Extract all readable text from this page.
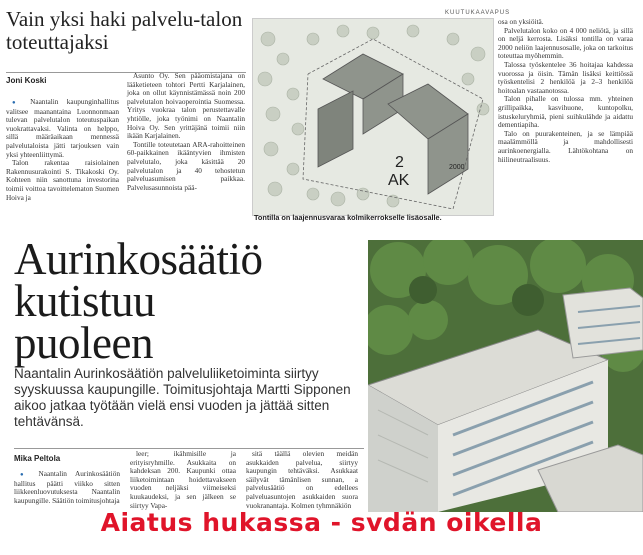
Vain yksi haki palvelu-talon toteuttajaksi
Joni Koski

● Naantalin kaupunginhallitus valitsee maanantaina Luonnonmaan tulevan palvelutalon toteutuspaikan vuokrattavaksi. Valinta on helppo, sillä määräaikaan mennessä palvelutaloista jätti tarjouksen vain yksi yhteenliittymä.

Talon rakentaa raisiolainen Rakennusurakointi S. Tikakoski Oy. Kohteen niin sanottuna investorina toimii voittoa tavoittelematon Suomen Hoiva ja

Asunto Oy. Sen pääomistajana on lääketieteen tohtori Pertti Karjalainen, joka on ollut käynnistämässä noin 200 palvelutalon hoivaoperointia Suomessa. Yritys vuokraa talon perustettavalle yhtiölle, joka työnimi on Naantalin Hoiva Oy. Sen yrittäjänä toimii niin ikään Karjalainen.

Tontille toteutetaan ARA-rahoitteinen 60-paikkainen ikääntyvien ihmisten palvelutalo, joka käsittää 20 palvelutalon ja 40 tehostetun palveluasumisen paikkaa. Palvelusasunnoista pää-

osa on yksiöitä.

Palvelutalon koko on 4 000 neliötä, ja sillä on neljä kerrosta. Lisäksi tontilla on varaa 2000 neliön laajennusosalle, joka on tarkoitus toteuttaa myöhemmin.

Talossa työskentelee 36 hoitajaa kahdessa vuorossa ja öisin. Tämän lisäksi keittiössä työskentelisi 2 henkilöä ja 2–3 henkilöä hoitoalan vastaanotossa.

Talon pihalle on tulossa mm. yhteinen grillipaikka, kasvihuone, kuntopolku, istuskeluryhmiä, pieni suihkulähde ja aidattu dementiapiha.

Talo on puurakenteinen, ja se lämpiää maalämmöllä ja mahdollisesti aurinkoenergialla. Lähtökohtana on hiilineutraalisuus.

KUUTUKAAVAPUS
2
AK
2000
Tontilla on laajennusvaraa kolmikerrokselle lisäosalle.
Aurinkosäätiö
kutistuu
puoleen
Naantalin Aurinkosäätiön palveluliiketoiminta siirtyy syyskuussa kaupungille. Toimitusjohtaja Martti Sipponen aikoo jatkaa työtään vielä ensi vuoden ja jättää sitten tehtävänsä.
Mika Peltola

● Naantalin Aurinkosäätiön hallitus päätti viikko sitten liikkeenluovutuksesta Naantalin kaupungille. Säätiön toimitusjohtaja

leer; ikähmisille ja erityisryhmille. Asukkaita on kahdeksan 200. Kaupunki ottaa liiketoimintaan hoidettavakseen vuoden neljäksi viimeiseksi kuukaudeksi, ja sen jälkeen se siirtyy Vapa-

sitä täällä olevien meidän asukkaiden palvelua, siirtyy kaupungin tehtäväksi. Asukkaat säilyvät tämänlisen sunnan, a palvelusäätiö on edellees palveluasuntojen asukkaiden suora vuokranantaja. Kolmen tyhmnäkiön

Aiatus hukassa - svdän oikella
